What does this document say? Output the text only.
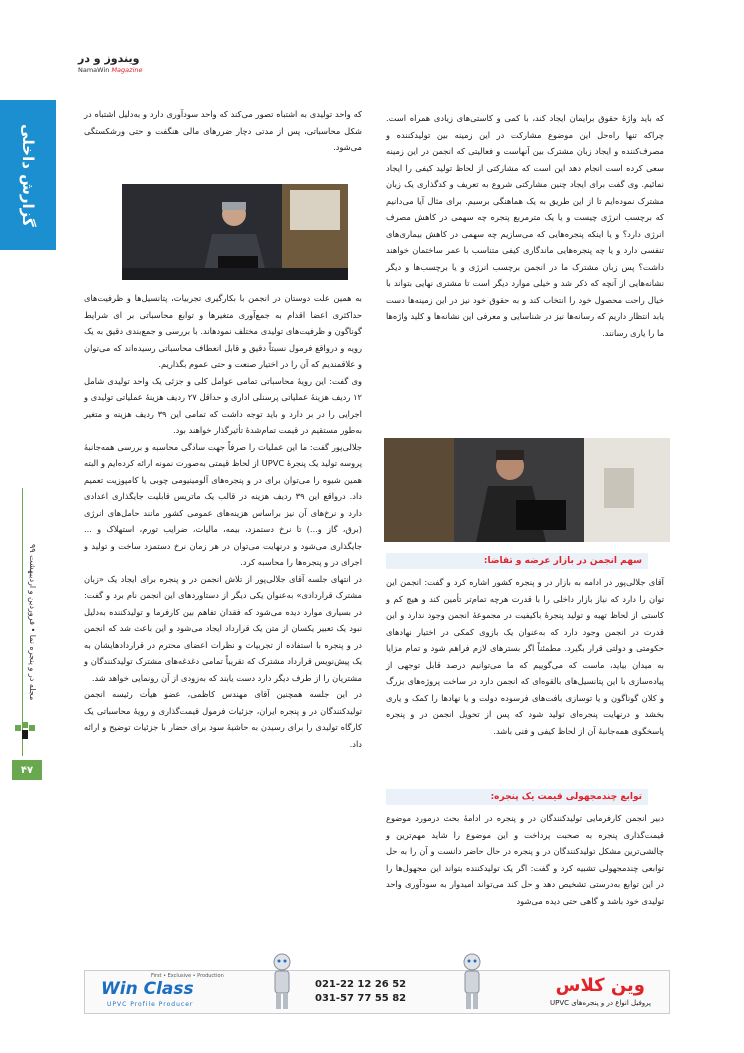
ویندوز و در
NamaWin Magazine
گزارش داخلی
مجله در و پنجره نما • فروردین و اردیبهشت ۹۹
۴۷
که واحد تولیدی به اشتباه تصور می‌کند که واحد سودآوری دارد و به‌دلیل اشتباه در شکل محاسباتی، پس از مدتی دچار ضررهای مالی هنگفت و حتی ورشکستگی می‌شود.

به همین علت دوستان در انجمن با بکارگیری تجربیات، پتانسیل‌ها و ظرفیت‌های حداکثری اعضا اقدام به جمع‌آوری متغیرها و توابع محاسباتی بر ای شرایط گوناگون و ظرفیت‌های تولیدی مختلف نمودهاند. با بررسی و جمع‌بندی دقیق به یک رویه و درواقع فرمول نسبتاً دقیق و قابل انعطاف محاسباتی رسیده‌اند که می‌توان و علاقمندیم که آن را در اختیار صنعت و حتی عموم بگذاریم.

وی گفت: این رویهٔ محاسباتی تمامی عوامل کلی و جزئی یک واحد تولیدی شامل ۱۲ ردیف هزینهٔ عملیاتی پرسنلی اداری و حداقل ۲۷ ردیف هزینهٔ عملیاتی تولیدی و اجرایی را در بر دارد و باید توجه داشت که تمامی این ۳۹ ردیف هزینه و متغیر به‌طور مستقیم در قیمت تمام‌شدهٔ تأثیرگذار خواهند بود.

جلالی‌پور گفت: ما این عملیات را صرفاً جهت سادگی محاسبه و بررسی همه‌جانبهٔ پروسه تولید یک پنجرهٔ UPVC از لحاظ قیمتی به‌صورت نمونه ارائه کرده‌ایم و البته همین شیوه را می‌توان برای در و پنجره‌های آلومینیومی چوبی یا کامپوزیت تعمیم داد. درواقع این ۳۹ ردیف هزینه در قالب یک ماتریس قابلیت جایگذاری اعدادی دارد و نرخ‌های آن نیز براساس هزینه‌های عمومی کشور مانند حامل‌های انرژی (برق، گاز و...) تا نرخ دستمزد، بیمه، مالیات، ضرایب تورم، استهلاک و ... جایگذاری می‌شود و درنهایت می‌توان در هر زمان نرخ دستمزد ساخت و تولید و اجرای در و پنجره‌ها را محاسبه کرد.

در انتهای جلسه آقای جلالی‌پور از تلاش انجمن در و پنجره برای ایجاد یک «زبان مشترک قراردادی» به‌عنوان یکی دیگر از دستاوردهای این انجمن نام برد و گفت: در بسیاری موارد دیده می‌شود که فقدان تفاهم بین کارفرما و تولیدکننده به‌دلیل نبود یک تعبیر یکسان از متن یک قرارداد ایجاد می‌شود و این باعث شد که انجمن در و پنجره با استفاده از تجربیات و نظرات اعضای محترم در قراردادها‌یشان به یک پیش‌نویس قرارداد مشترک که تقریباً تمامی دغدغه‌های مشترک تولیدکنندگان و مشتریان را از طرف دیگر دارد دست یابند که به‌زودی از آن رونمایی خواهد شد.

در این جلسه همچنین آقای مهندس کاظمی، عضو هیأت رئیسه انجمن تولیدکنندگان در و پنجره ایران، جزئیات فرمول قیمت‌گذاری و رویهٔ محاسباتی یک کارگاه تولیدی را برای رسیدن به حاشیهٔ سود برای حضار با جزئیات توضیح و ارائه داد.

که باید واژهٔ حقوق برایمان ایجاد کند، با کمی و کاستی‌های زیادی همراه است. چراکه تنها راه‌حل این موضوع مشارکت در این زمینه بین تولیدکننده و مصرف‌کننده و ایجاد زبان مشترک بین آنهاست و فعالیتی که انجمن در این زمینه سعی کرده است انجام دهد این است که مشارکتی از لحاظ تولید کیفی را ایجاد نمائیم. وی گفت برای ایجاد چنین مشارکتی شروع به تعریف و کدگذاری یک زبان مشترک نموده‌ایم تا از این طریق به یک هماهنگی برسیم. برای مثال آیا می‌دانیم که برچسب انرژی چیست و یا یک مترمربع پنجره چه سهمی در کاهش مصرف انرژی دارد؟ و یا اینکه پنجره‌هایی که می‌سازیم چه سهمی در کاهش بیماری‌های تنفسی دارد و یا چه پنجره‌هایی ماندگاری کیفی متناسب با عمر ساختمان خواهند داشت؟ پس زبان مشترک ما در انجمن برچسب انرژی و یا برچسب‌ها و دیگر نشانه‌هایی از آنچه که ذکر شد و خیلی موارد دیگر است تا مشتری نهایی بتواند با خیال راحت محصول خود را انتخاب کند و به حقوق خود نیز در این زمینه‌ها دست یابد انتظار داریم که رسانه‌ها نیز در شناسایی و معرفی این نشانه‌ها و کلید واژه‌ها ما را یاری رسانند.
سهم انجمن در بازار عرضه و تقاضا:
آقای جلالی‌پور در ادامه به بازار در و پنجره کشور اشاره کرد و گفت: انجمن این توان را دارد که نیاز بازار داخلی را با قدرت هرچه تمام‌تر تأمین کند و هیچ کم و کاستی از لحاظ تهیه و تولید پنجرهٔ باکیفیت در مجموعهٔ انجمن وجود ندارد و این قدرت در انجمن وجود دارد که به‌عنوان یک بازوی کمکی در اختیار نهادهای حکومتی و دولتی قرار بگیرد. مطمئناً اگر بسترهای لازم فراهم شود و تمام مزایا به میدان بیاید، ماست که می‌گوییم که ما می‌توانیم درصد قابل توجهی از پیاده‌سازی با این پتانسیل‌های بالقوه‌ای که انجمن دارد در ساخت پروژه‌های بزرگ و کلان گوناگون و یا توسازی بافت‌های فرسوده دولت و یا نهادها را کمک و یاری بخشد و درنهایت پنجره‌ای تولید شود که پس از تحویل انجمن در و پنجره پاسخگوی همه‌جانبهٔ آن از لحاظ کیفی و فنی باشد.
توابع چندمجهولی قیمت یک پنجره:
دبیر انجمن کارفرمایی تولیدکنندگان در و پنجره در ادامهٔ بحث درمورد موضوع قیمت‌گذاری پنجره به صحبت پرداخت و این موضوع را شاید مهم‌ترین و چالشی‌ترین مشکل تولیدکنندگان در و پنجره در حال حاضر دانست و آن را به حل توابعی چندمجهولی تشبیه کرد و گفت: اگر یک تولیدکننده بتواند این مجهول‌ها را در این توابع به‌درستی تشخیص دهد و حل کند می‌تواند امیدوار به سودآوری واحد تولیدی خود باشد و گاهی حتی دیده می‌شود
First • Exclusive • Production
Win Class
UPVC Profile Producer
021-22 12 26 52
031-57 77 55 82
وین کلاس
پروفیل انواع در و پنجره‌های UPVC
